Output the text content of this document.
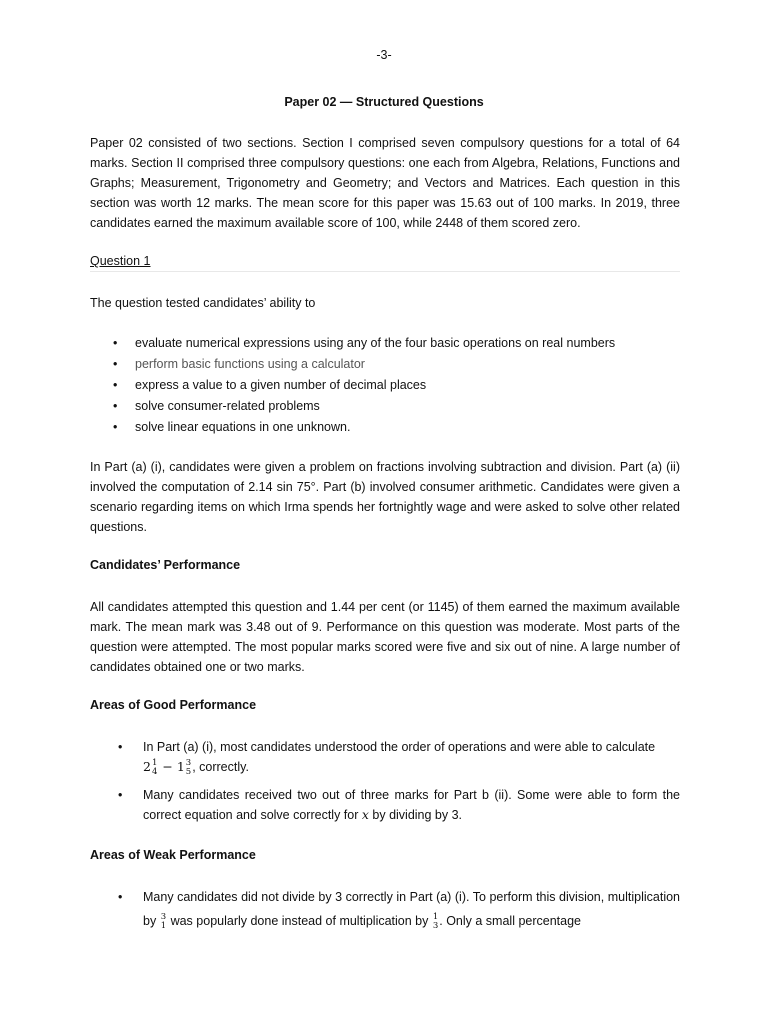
-3-
Paper 02 — Structured Questions

Paper 02 consisted of two sections. Section I comprised seven compulsory questions for a total of 64 marks. Section II comprised three compulsory questions: one each from Algebra, Relations, Functions and Graphs; Measurement, Trigonometry and Geometry; and Vectors and Matrices. Each question in this section was worth 12 marks. The mean score for this paper was 15.63 out of 100 marks. In 2019, three candidates earned the maximum available score of 100, while 2448 of them scored zero.

Question 1

The question tested candidates’ ability to

• evaluate numerical expressions using any of the four basic operations on real numbers
• perform basic functions using a calculator
• express a value to a given number of decimal places
• solve consumer-related problems
• solve linear equations in one unknown.

In Part (a) (i), candidates were given a problem on fractions involving subtraction and division. Part (a) (ii) involved the computation of 2.14 sin 75°. Part (b) involved consumer arithmetic. Candidates were given a scenario regarding items on which Irma spends her fortnightly wage and were asked to solve other related questions.

Candidates’ Performance

All candidates attempted this question and 1.44 per cent (or 1145) of them earned the maximum available mark. The mean mark was 3.48 out of 9. Performance on this question was moderate. Most parts of the question were attempted. The most popular marks scored were five and six out of nine. A large number of candidates obtained one or two marks.

Areas of Good Performance
• In Part (a) (i), most candidates understood the order of operations and were able to calculate
2 1
4 − 1 3
5 , correctly.
• Many candidates received two out of three marks for Part b (ii). Some were able to form the correct equation and solve correctly for x by dividing by 3.
Areas of Weak Performance
• Many candidates did not divide by 3 correctly in Part (a) (i). To perform this division, multiplication by 3
1 was popularly done instead of multiplication by 1
3 . Only a small percentage
